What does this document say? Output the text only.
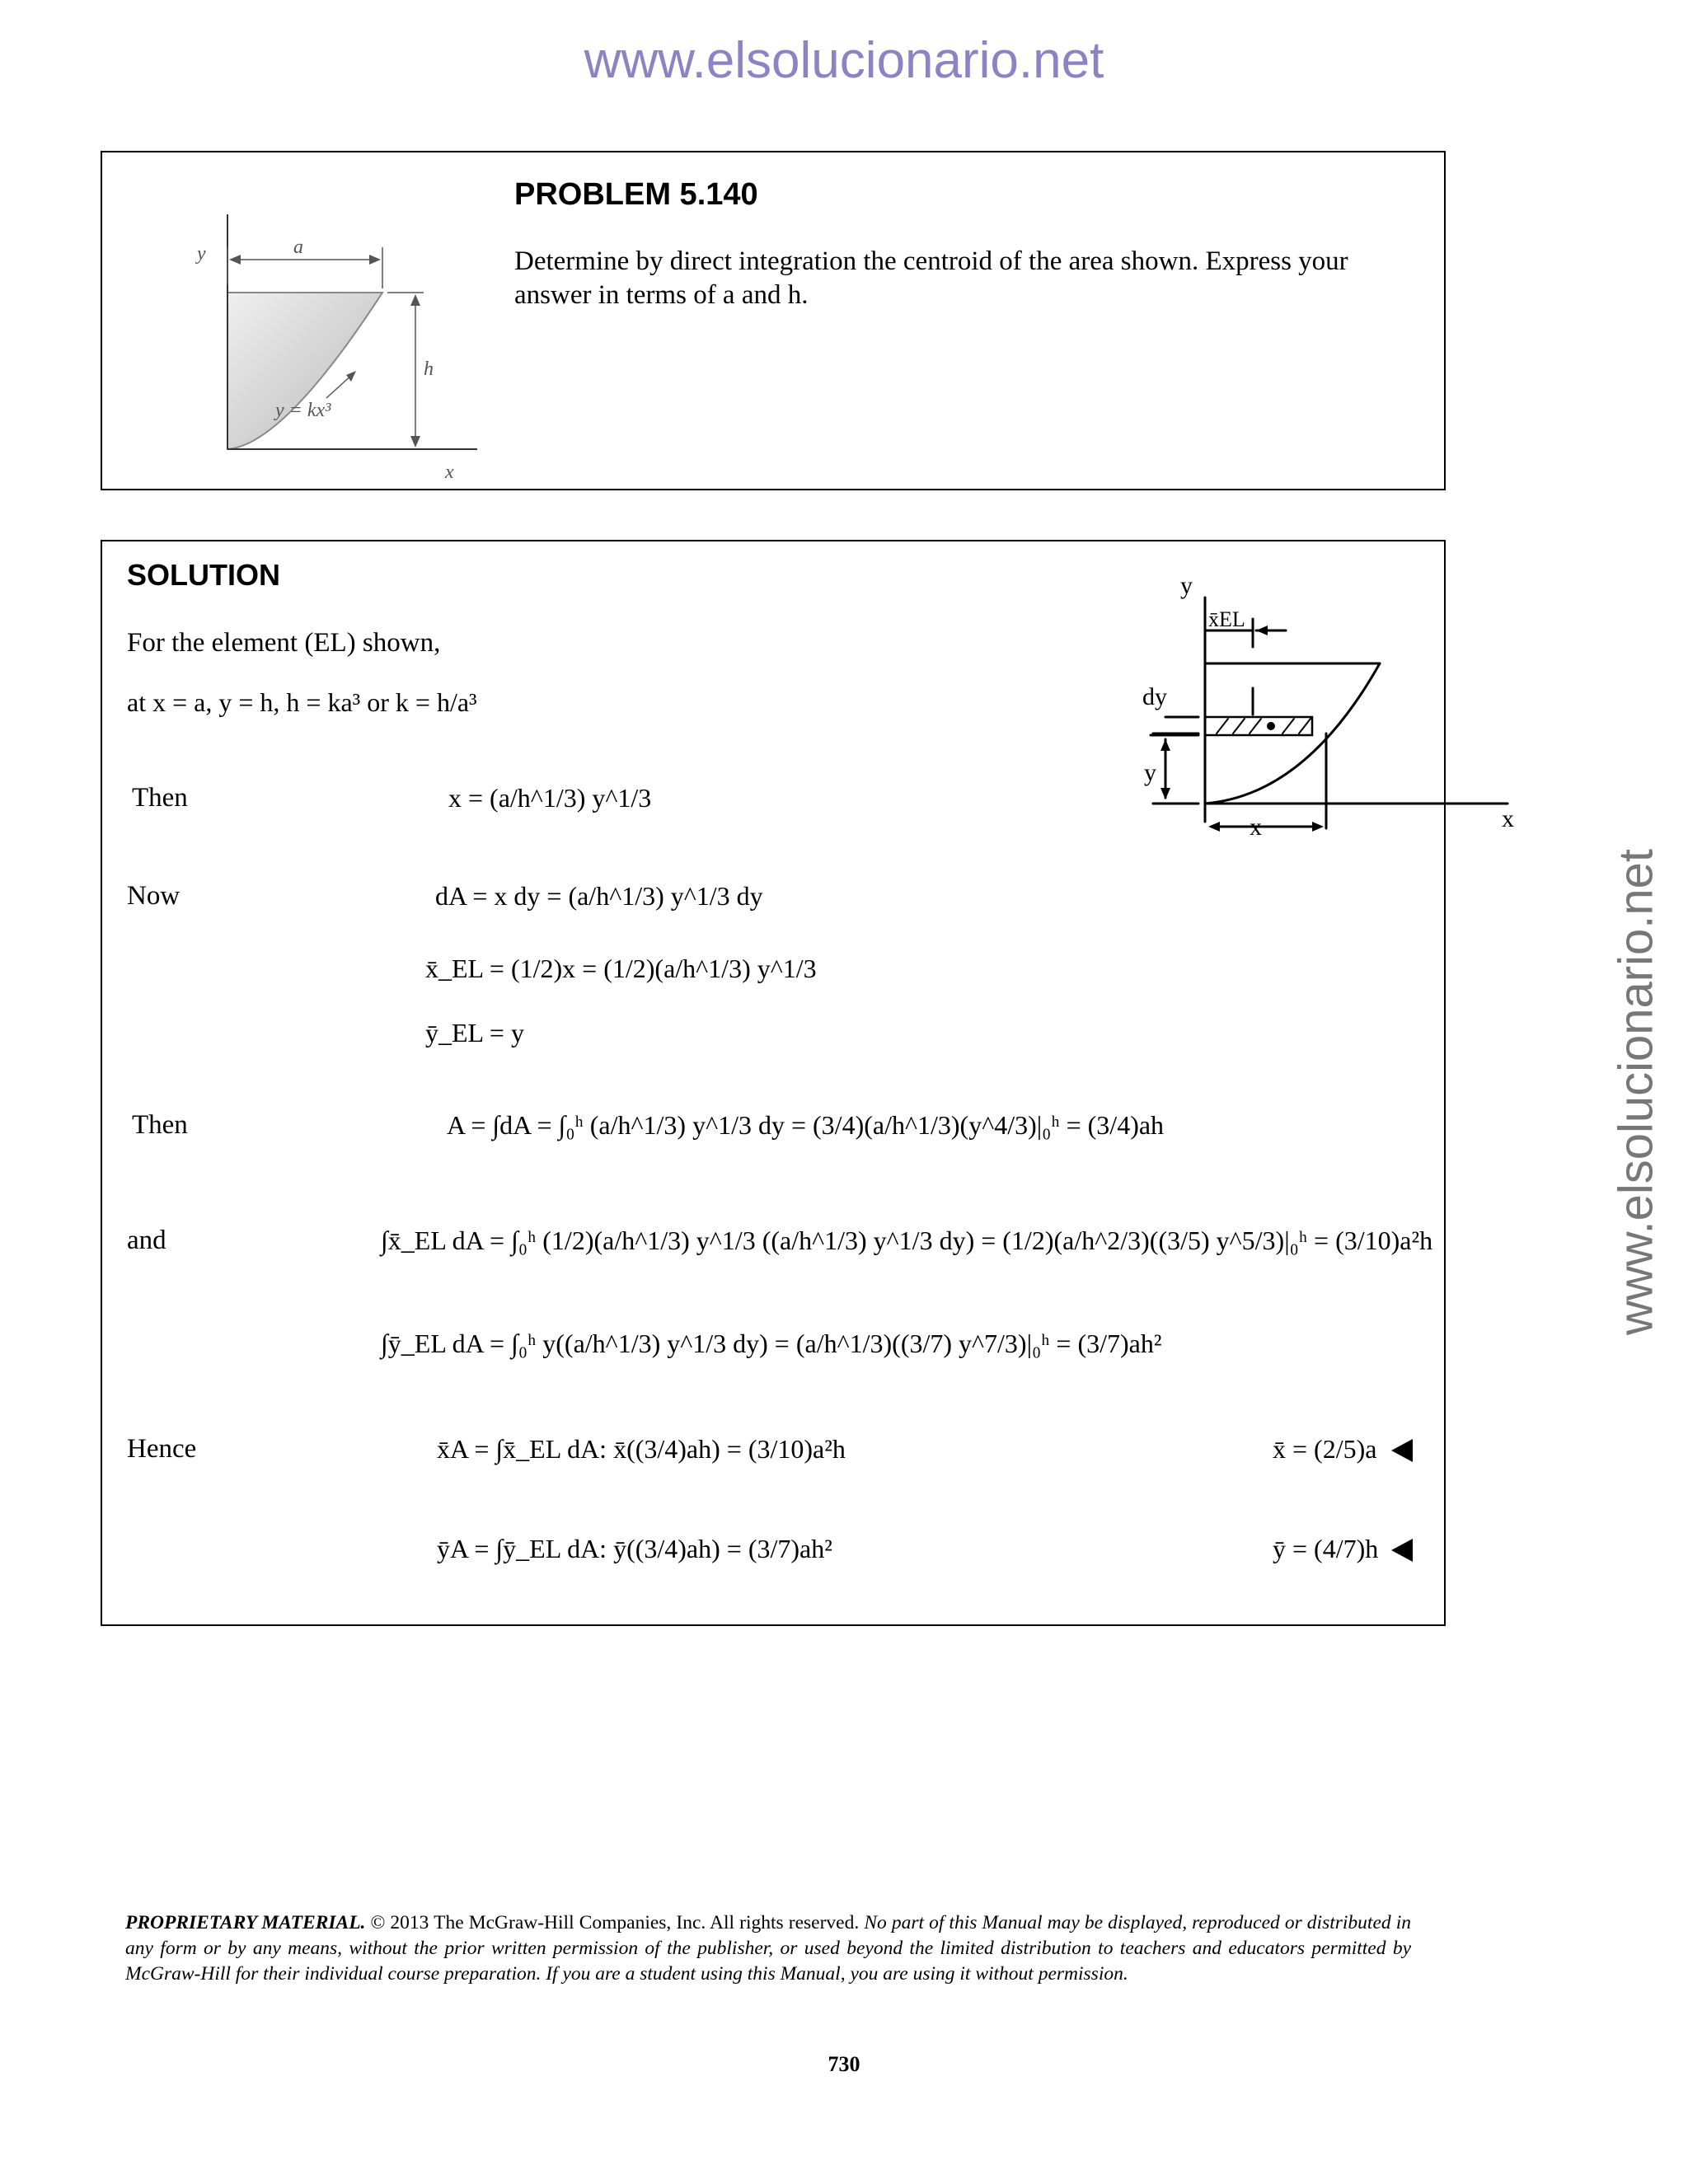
www.elsolucionario.net
www.elsolucionario.net
y
x
a
h
y = kx³
PROBLEM 5.140
Determine by direct integration the centroid of the area shown. Express your answer in terms of a and h.
SOLUTION	y
x̄EL
dy
y
x
x
For the element (EL) shown,
at x = a, y = h, h = ka³ or k = h/a³
Then	x = (a/h^1/3) y^1/3
Now	dA = x dy = (a/h^1/3) y^1/3 dy
x̄_EL = (1/2)x = (1/2)(a/h^1/3) y^1/3
ȳ_EL = y
Then	A = ∫dA = ∫₀ʰ (a/h^1/3) y^1/3 dy = (3/4)(a/h^1/3)(y^4/3)|₀ʰ = (3/4)ah
and	∫x̄_EL dA = ∫₀ʰ (1/2)(a/h^1/3) y^1/3 ((a/h^1/3) y^1/3 dy) = (1/2)(a/h^2/3)((3/5) y^5/3)|₀ʰ = (3/10)a²h
∫ȳ_EL dA = ∫₀ʰ y((a/h^1/3) y^1/3 dy) = (a/h^1/3)((3/7) y^7/3)|₀ʰ = (3/7)ah²
Hence	x̄A = ∫x̄_EL dA: x̄((3/4)ah) = (3/10)a²h	x̄ = (2/5)a
ȳA = ∫ȳ_EL dA: ȳ((3/4)ah) = (3/7)ah²	ȳ = (4/7)h
PROPRIETARY MATERIAL. © 2013 The McGraw-Hill Companies, Inc. All rights reserved. No part of this Manual may be displayed, reproduced or distributed in any form or by any means, without the prior written permission of the publisher, or used beyond the limited distribution to teachers and educators permitted by McGraw-Hill for their individual course preparation. If you are a student using this Manual, you are using it without permission.
730
